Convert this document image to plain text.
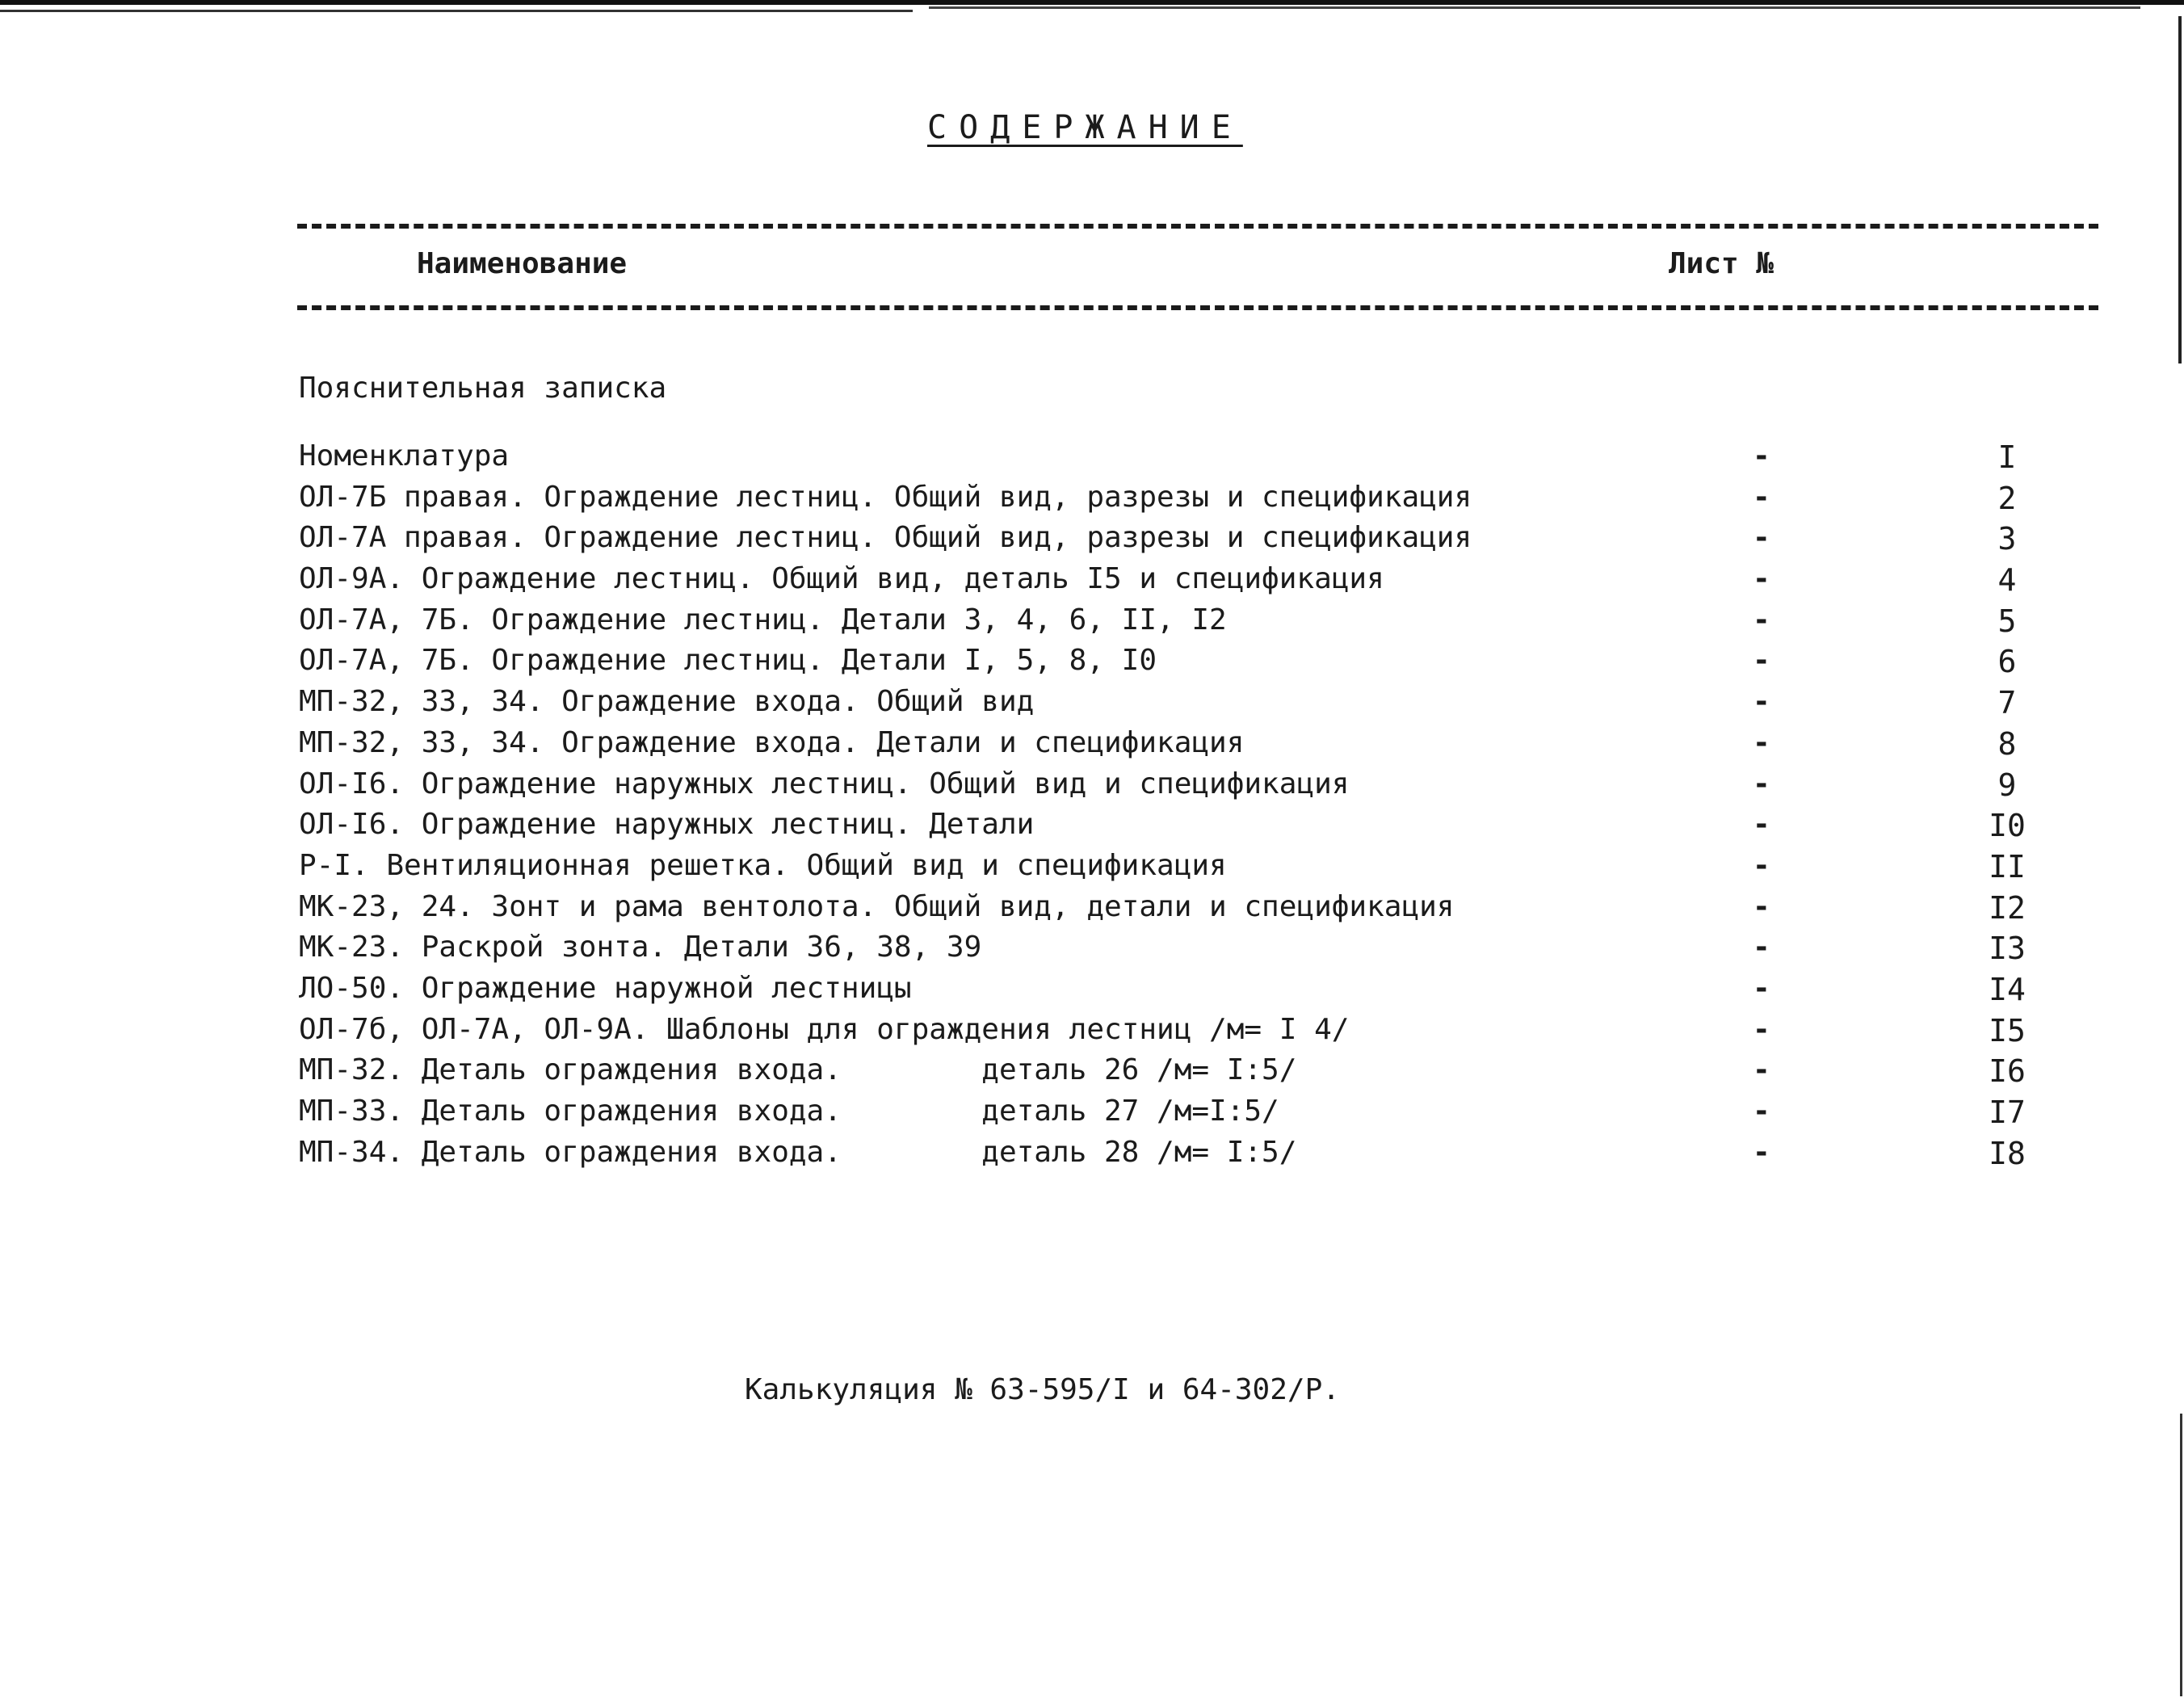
СОДЕРЖАНИЕ
Наименование	Лист №
Пояснительная записка
Номенклатура	-	I
ОЛ-7Б правая. Ограждение лестниц. Общий вид, разрезы и спецификация	-	2
ОЛ-7А правая. Ограждение лестниц. Общий вид, разрезы и спецификация	-	3
ОЛ-9А. Ограждение лестниц. Общий вид, деталь I5 и спецификация	-	4
ОЛ-7А, 7Б. Ограждение лестниц. Детали 3, 4, 6, II, I2	-	5
ОЛ-7А, 7Б. Ограждение лестниц. Детали I, 5, 8, I0	-	6
МП-32, 33, 34. Ограждение входа. Общий вид	-	7
МП-32, 33, 34. Ограждение входа. Детали и спецификация	-	8
ОЛ-I6. Ограждение наружных лестниц. Общий вид и спецификация	-	9
ОЛ-I6. Ограждение наружных лестниц. Детали	-	I0
Р-I. Вентиляционная решетка. Общий вид и спецификация	-	II
МК-23, 24. Зонт и рама вентолота. Общий вид, детали и спецификация	-	I2
МК-23. Раскрой зонта. Детали 36, 38, 39	-	I3
ЛО-50. Ограждение наружной лестницы	-	I4
ОЛ-7б, ОЛ-7А, ОЛ-9А. Шаблоны для ограждения лестниц /м= I 4/	-	I5
МП-32. Деталь ограждения входа.        деталь 26 /м= I:5/	-	I6
МП-33. Деталь ограждения входа.        деталь 27 /м=I:5/	-	I7
МП-34. Деталь ограждения входа.        деталь 28 /м= I:5/	-	I8
Калькуляция № 63-595/I и 64-302/Р.
